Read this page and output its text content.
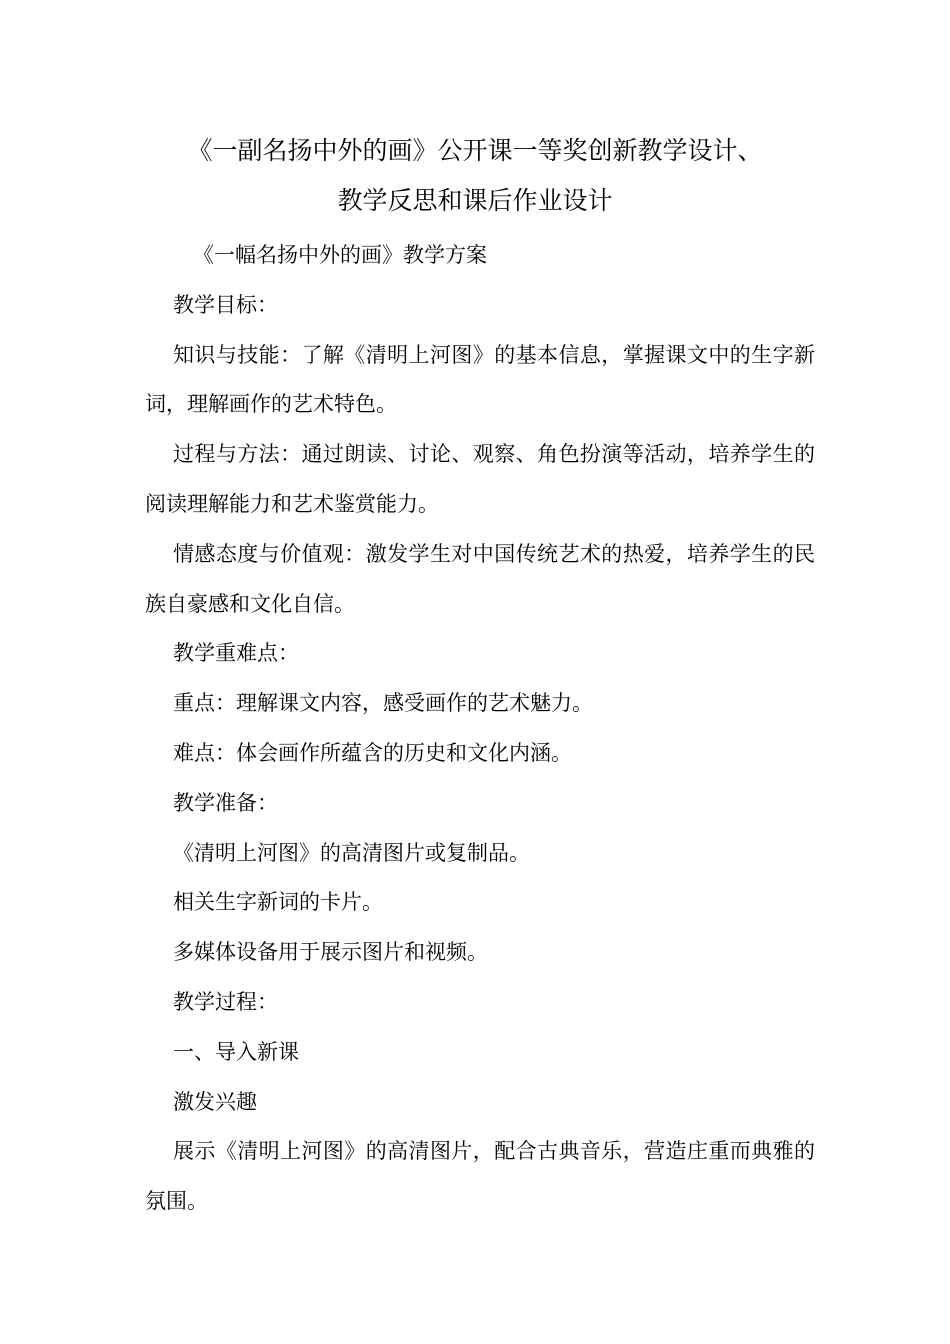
《一副名扬中外的画》公开课一等奖创新教学设计、
教学反思和课后作业设计

《一幅名扬中外的画》教学方案

教学目标：

知识与技能：了解《清明上河图》的基本信息，掌握课文中的生字新词，理解画作的艺术特色。

过程与方法：通过朗读、讨论、观察、角色扮演等活动，培养学生的阅读理解能力和艺术鉴赏能力。

情感态度与价值观：激发学生对中国传统艺术的热爱，培养学生的民族自豪感和文化自信。

教学重难点：

重点：理解课文内容，感受画作的艺术魅力。

难点：体会画作所蕴含的历史和文化内涵。

教学准备：

《清明上河图》的高清图片或复制品。

相关生字新词的卡片。

多媒体设备用于展示图片和视频。

教学过程：

一、导入新课

激发兴趣

展示《清明上河图》的高清图片，配合古典音乐，营造庄重而典雅的氛围。
